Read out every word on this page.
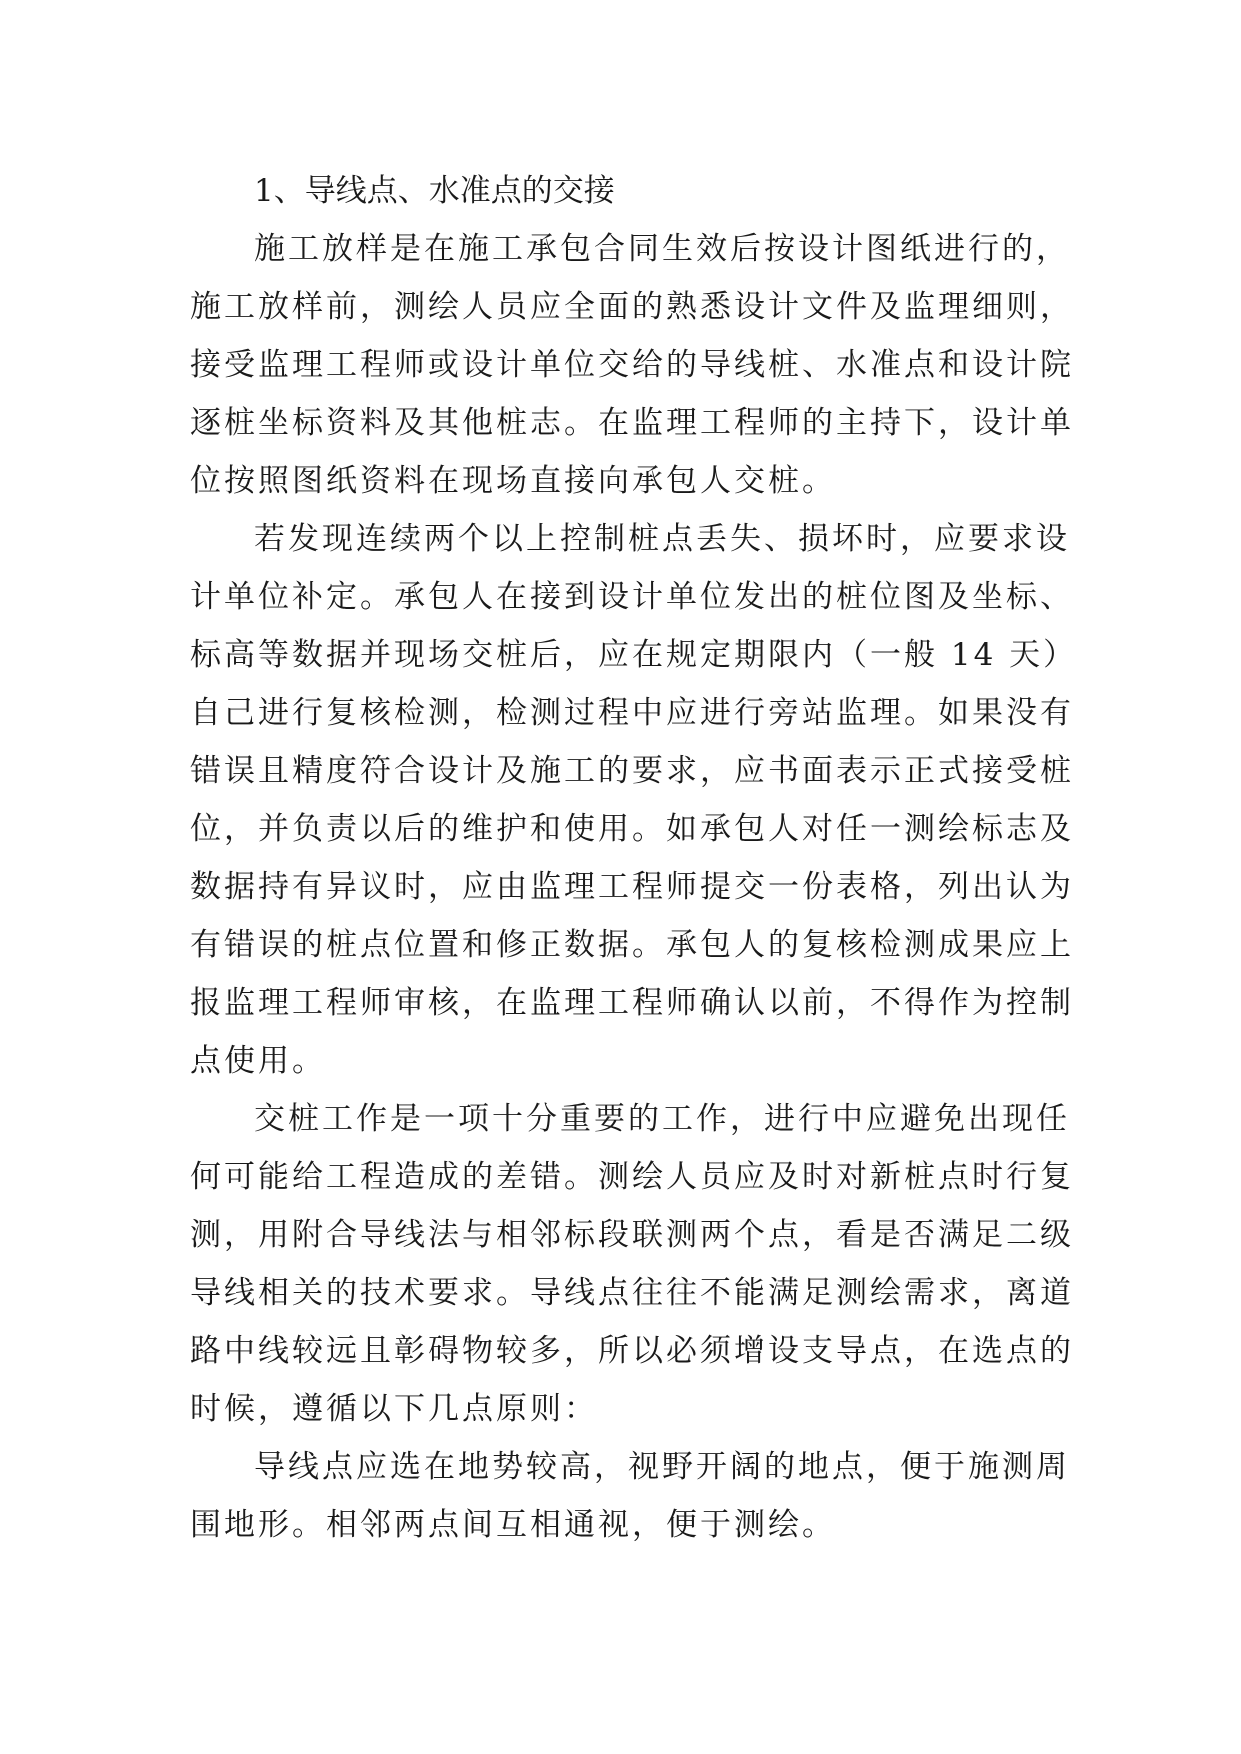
1、导线点、水准点的交接

施工放样是在施工承包合同生效后按设计图纸进行的，
施工放样前，测绘人员应全面的熟悉设计文件及监理细则，
接受监理工程师或设计单位交给的导线桩、水准点和设计院
逐桩坐标资料及其他桩志。在监理工程师的主持下，设计单
位按照图纸资料在现场直接向承包人交桩。

若发现连续两个以上控制桩点丢失、损坏时，应要求设
计单位补定。承包人在接到设计单位发出的桩位图及坐标、
标高等数据并现场交桩后，应在规定期限内（一般 14 天）
自己进行复核检测，检测过程中应进行旁站监理。如果没有
错误且精度符合设计及施工的要求，应书面表示正式接受桩
位，并负责以后的维护和使用。如承包人对任一测绘标志及
数据持有异议时，应由监理工程师提交一份表格，列出认为
有错误的桩点位置和修正数据。承包人的复核检测成果应上
报监理工程师审核，在监理工程师确认以前，不得作为控制
点使用。

交桩工作是一项十分重要的工作，进行中应避免出现任
何可能给工程造成的差错。测绘人员应及时对新桩点时行复
测，用附合导线法与相邻标段联测两个点，看是否满足二级
导线相关的技术要求。导线点往往不能满足测绘需求，离道
路中线较远且彰碍物较多，所以必须增设支导点，在选点的
时候，遵循以下几点原则：

导线点应选在地势较高，视野开阔的地点，便于施测周
围地形。相邻两点间互相通视，便于测绘。
